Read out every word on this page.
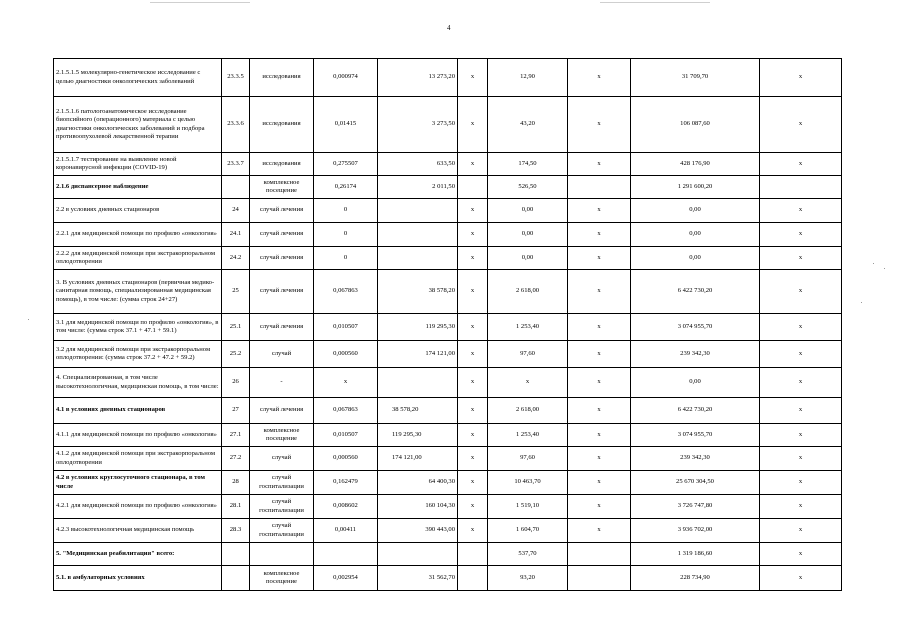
4
2.1.5.1.5 молекулярно-генетическое исследование с целью диагностики онкологических заболеваний	23.3.5	исследования	0,000974	13 273,20	x	12,90	x	31 709,70	x
2.1.5.1.6 патологоанатомическое исследование биопсийного (операционного) материала с целью диагностики онкологических заболеваний и подбора противоопухолевой лекарственной терапии	23.3.6	исследования	0,01415	3 273,50	x	43,20	x	106 087,60	x
2.1.5.1.7 тестирование на выявление новой коронавирусной инфекции (COVID-19)	23.3.7	исследования	0,275507	633,50	x	174,50	x	428 176,90	x
2.1.6 диспансерное наблюдение		комплексное посещение	0,26174	2 011,50		526,50		1 291 600,20	
2.2 в условиях дневных стационаров	24	случай лечения	0		x	0,00	x	0,00	x
2.2.1 для медицинской помощи по профилю «онкология»	24.1	случай лечения	0		x	0,00	x	0,00	x
2.2.2 для медицинской помощи при экстракорпоральном оплодотворении	24.2	случай лечения	0		x	0,00	x	0,00	x
3. В условиях дневных стационаров (первичная медико-санитарная помощь, специализированная медицинская помощь), в том числе: (сумма строк 24+27)	25	случай лечения	0,067863	38 578,20	x	2 618,00	x	6 422 730,20	x
3.1 для медицинской помощи по профилю «онкология», в том числе: (сумма строк 37.1 + 47.1 + 59.1)	25.1	случай лечения	0,010507	119 295,30	x	1 253,40	x	3 074 955,70	x
3.2 для медицинской помощи при экстракорпоральном оплодотворении: (сумма строк 37.2 + 47.2 + 59.2)	25.2	случай	0,000560	174 121,00	x	97,60	x	239 342,30	x
4. Специализированная, в том числе высокотехнологичная, медицинская помощь, в том числе:	26	-	x		x	x	x	0,00	x
4.1 в условиях дневных стационаров	27	случай лечения	0,067863	38 578,20	x	2 618,00	x	6 422 730,20	x
4.1.1 для медицинской помощи по профилю «онкология»	27.1	комплексное посещение	0,010507	119 295,30	x	1 253,40	x	3 074 955,70	x
4.1.2 для медицинской помощи при экстракорпоральном оплодотворении	27.2	случай	0,000560	174 121,00	x	97,60	x	239 342,30	x
4.2 в условиях круглосуточного стационара, в том числе	28	случай госпитализации	0,162479	64 400,30	x	10 463,70	x	25 670 304,50	x
4.2.1 для медицинской помощи по профилю «онкология»	28.1	случай госпитализации	0,008602	160 104,30	x	1 519,10	x	3 726 747,80	x
4.2.3 высокотехнологичная медицинская помощь	28.3	случай госпитализации	0,00411	390 443,00	x	1 604,70	x	3 936 702,00	x
5. "Медицинская реабилитация" всего:						537,70		1 319 186,60	x
5.1. в амбулаторных условиях		комплексное посещение	0,002954	31 562,70		93,20		228 734,90	x
